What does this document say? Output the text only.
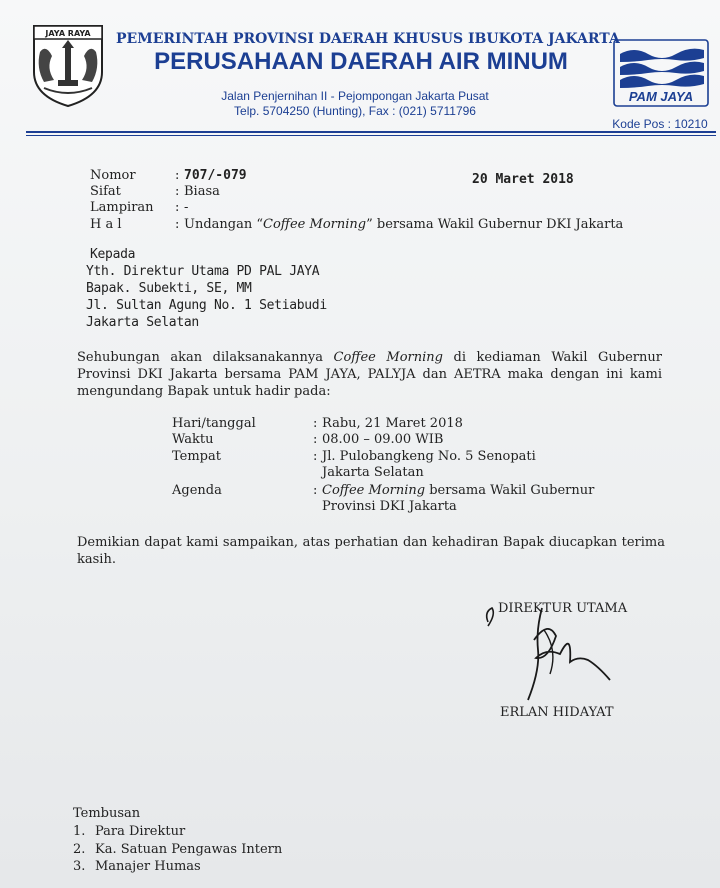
JAYA RAYA PEMERINTAH PROVINSI DAERAH KHUSUS IBUKOTA JAKARTA
PERUSAHAAN DAERAH AIR MINUM
Jalan Penjernihan II - Pejompongan Jakarta Pusat
Telp. 5704250 (Hunting), Fax : (021) 5711796
PAM JAYA
Kode Pos : 10210
Nomor	: 707/-079	20 Maret 2018
Sifat	: Biasa
Lampiran : -
H a l	: Undangan “Coffee Morning” bersama Wakil Gubernur DKI Jakarta
Kepada
Yth. Direktur Utama PD PAL JAYA
Bapak. Subekti, SE, MM
Jl. Sultan Agung No. 1 Setiabudi
Jakarta Selatan
Sehubungan akan dilaksanakannya Coffee Morning di kediaman Wakil Gubernur Provinsi DKI Jakarta bersama PAM JAYA, PALYJA dan AETRA maka dengan ini kami mengundang Bapak untuk hadir pada:
Hari/tanggal	: Rabu, 21 Maret 2018
Waktu	: 08.00 – 09.00 WIB
Tempat	: Jl. Pulobangkeng No. 5 Senopati
Jakarta Selatan
Agenda	: Coffee Morning bersama Wakil Gubernur
Provinsi DKI Jakarta
Demikian dapat kami sampaikan, atas perhatian dan kehadiran Bapak diucapkan terima kasih.
DIREKTUR UTAMA
ERLAN HIDAYAT
Tembusan
1. Para Direktur
2. Ka. Satuan Pengawas Intern
3. Manajer Humas
